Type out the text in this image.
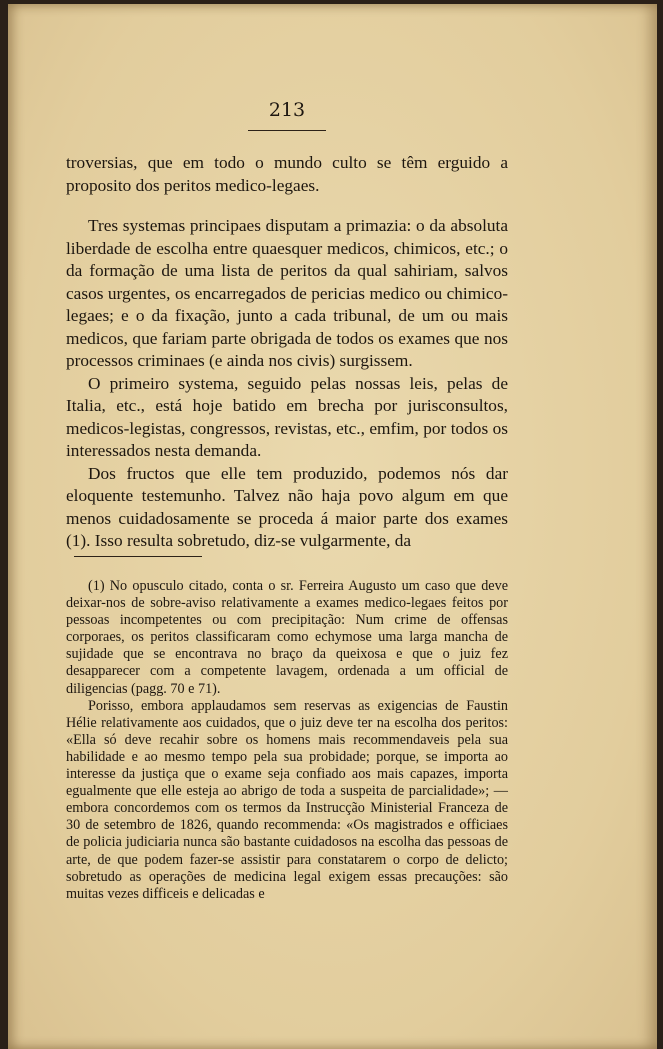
213

troversias, que em todo o mundo culto se têm erguido a proposito dos peritos medico-legaes.

Tres systemas principaes disputam a primazia: o da absoluta liberdade de escolha entre quaesquer medicos, chimicos, etc.; o da formação de uma lista de peritos da qual sahiriam, salvos casos urgentes, os encarregados de pericias medico ou chimico-legaes; e o da fixação, junto a cada tribunal, de um ou mais medicos, que fariam parte obrigada de todos os exames que nos processos criminaes (e ainda nos civis) surgissem.

O primeiro systema, seguido pelas nossas leis, pelas de Italia, etc., está hoje batido em brecha por jurisconsultos, medicos-legistas, congressos, revistas, etc., emfim, por todos os interessados nesta demanda.

Dos fructos que elle tem produzido, podemos nós dar eloquente testemunho. Talvez não haja povo algum em que menos cuidadosamente se proceda á maior parte dos exames (1). Isso resulta sobretudo, diz-se vulgarmente, da

(1) No opusculo citado, conta o sr. Ferreira Augusto um caso que deve deixar-nos de sobre-aviso relativamente a exames medico-legaes feitos por pessoas incompetentes ou com precipitação: Num crime de offensas corporaes, os peritos classificaram como echymose uma larga mancha de sujidade que se encontrava no braço da queixosa e que o juiz fez desapparecer com a competente lavagem, ordenada a um official de diligencias (pagg. 70 e 71).

Porisso, embora applaudamos sem reservas as exigencias de Faustin Hélie relativamente aos cuidados, que o juiz deve ter na escolha dos peritos: «Ella só deve recahir sobre os homens mais recommendaveis pela sua habilidade e ao mesmo tempo pela sua probidade; porque, se importa ao interesse da justiça que o exame seja confiado aos mais capazes, importa egualmente que elle esteja ao abrigo de toda a suspeita de parcialidade»; — embora concordemos com os termos da Instrucção Ministerial Franceza de 30 de setembro de 1826, quando recommenda: «Os magistrados e officiaes de policia judiciaria nunca são bastante cuidadosos na escolha das pessoas de arte, de que podem fazer-se assistir para constatarem o corpo de delicto; sobretudo as operações de medicina legal exigem essas precauções: são muitas vezes difficeis e delicadas e
